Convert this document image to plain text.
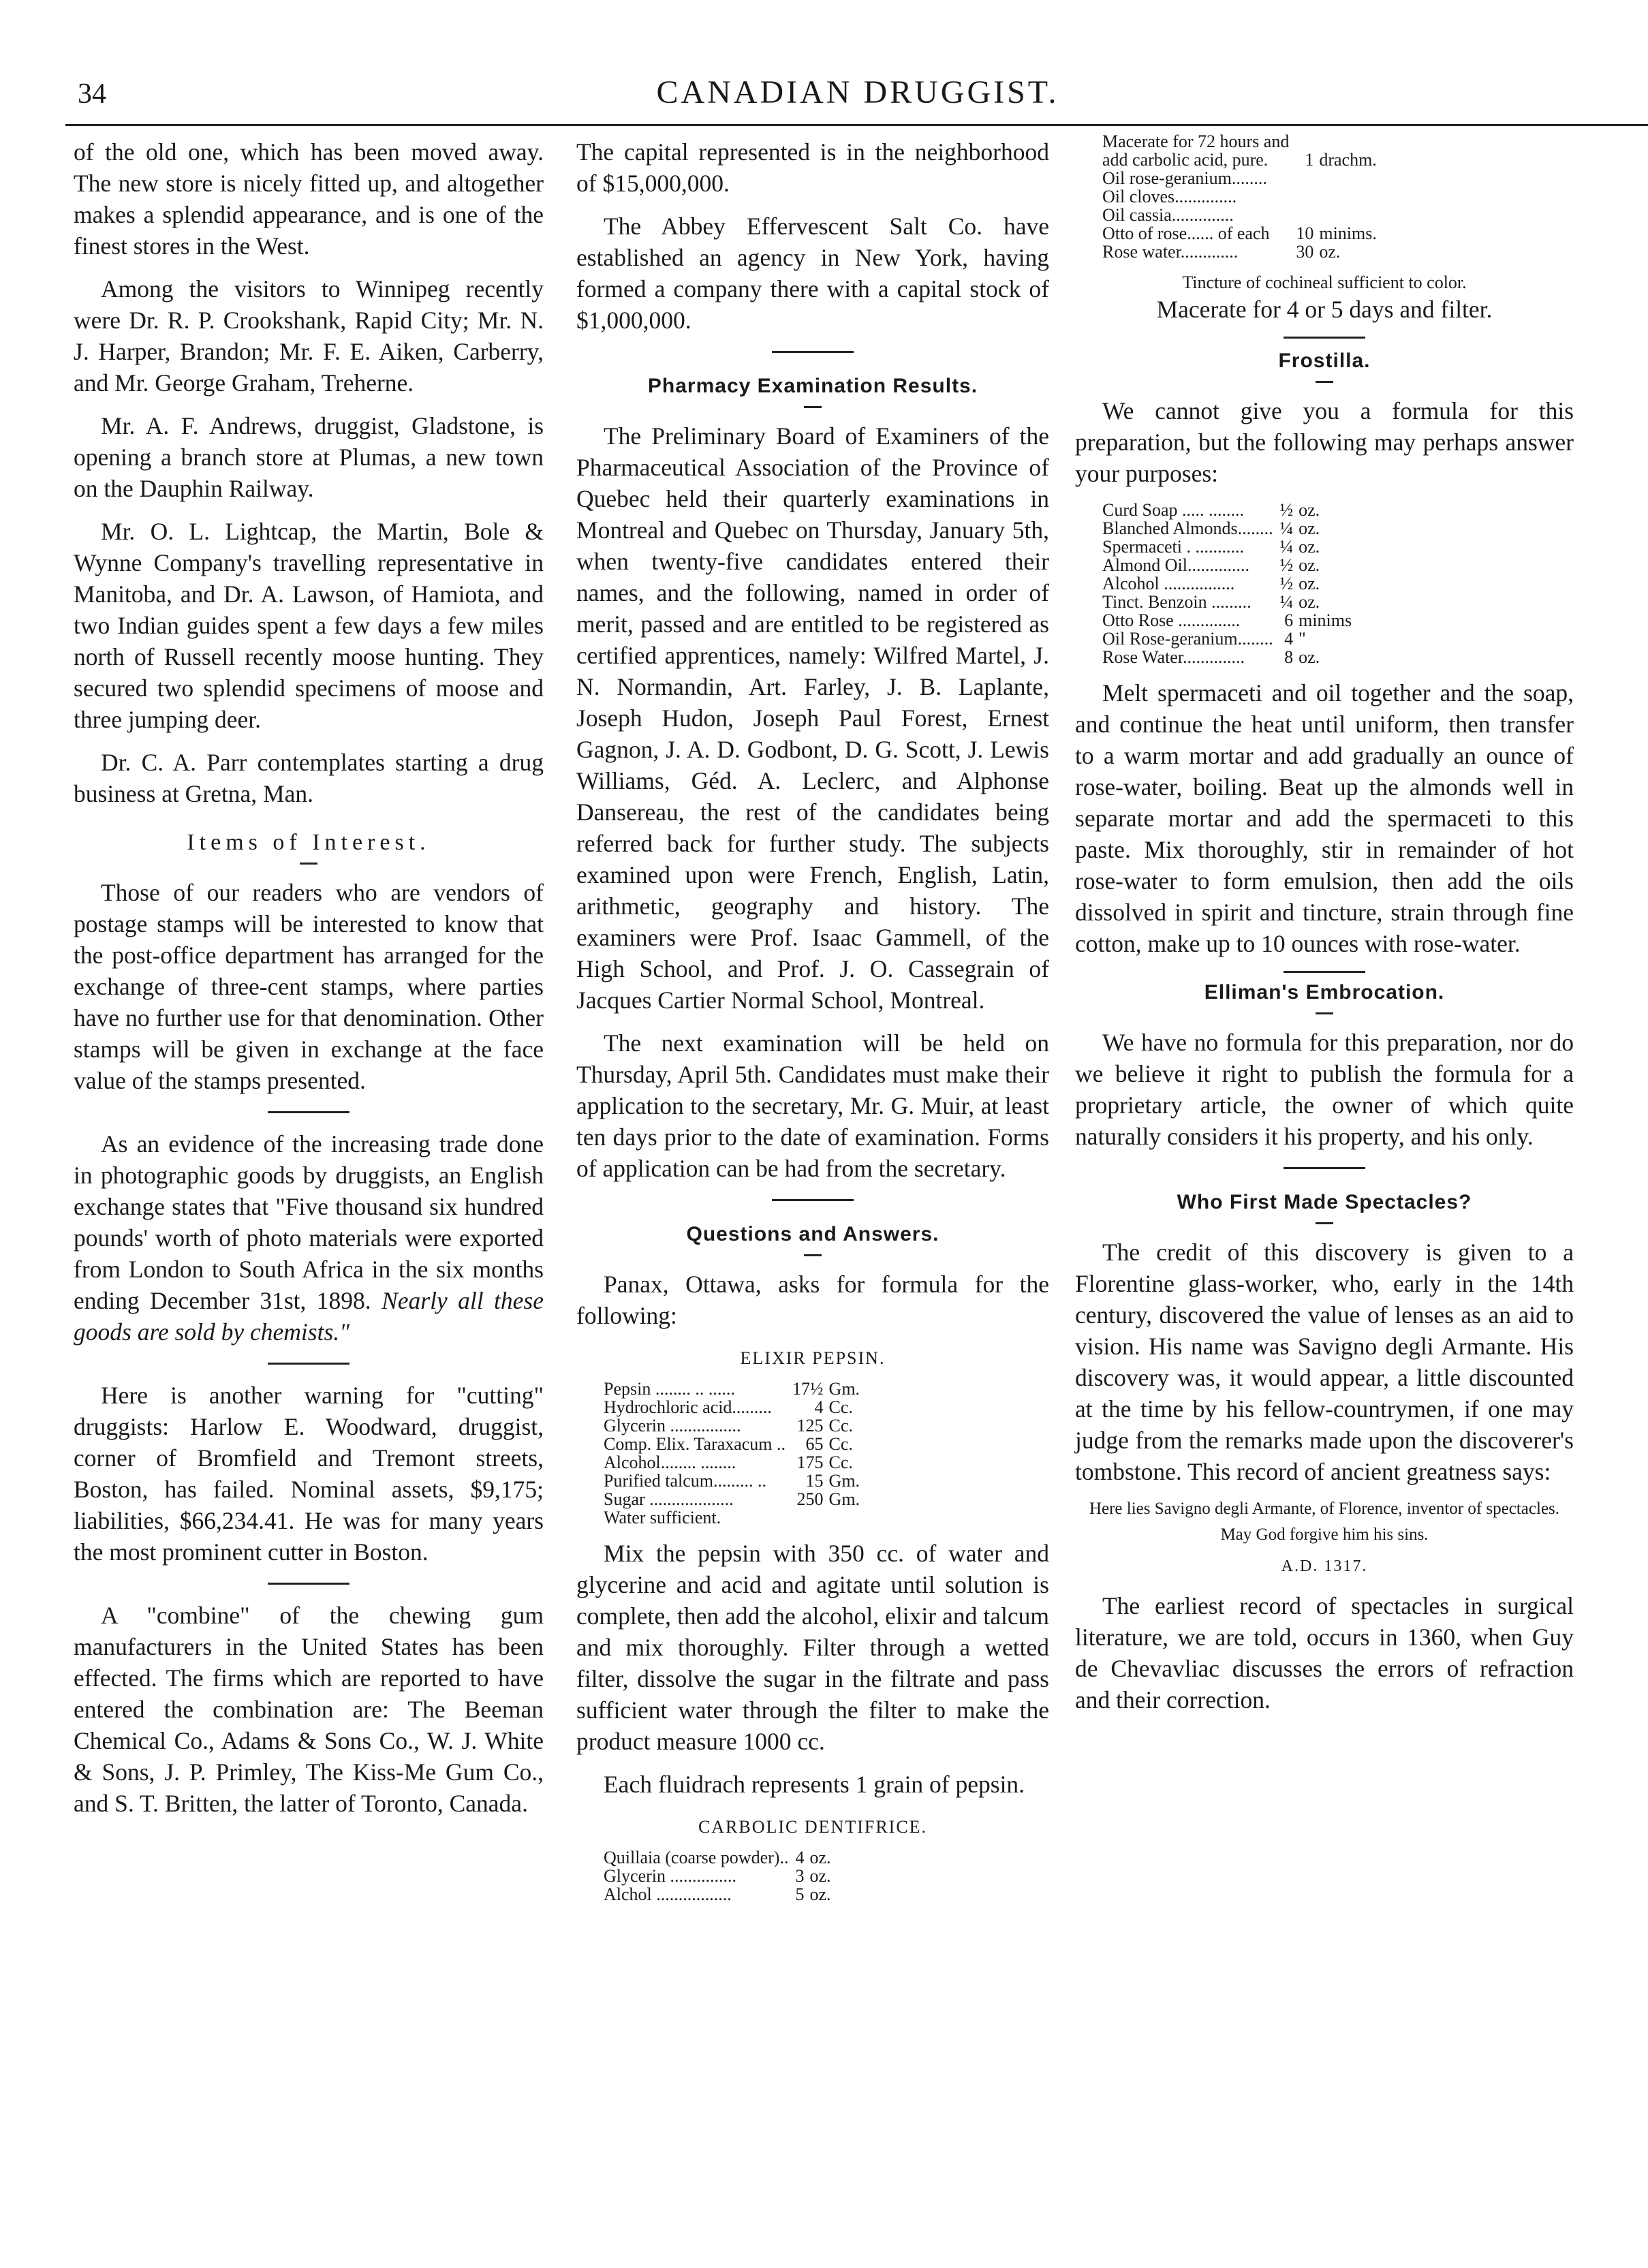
34	CANADIAN DRUGGIST.

of the old one, which has been moved away. The new store is nicely fitted up, and altogether makes a splendid appearance, and is one of the finest stores in the West.

Among the visitors to Winnipeg recently were Dr. R. P. Crookshank, Rapid City; Mr. N. J. Harper, Brandon; Mr. F. E. Aiken, Carberry, and Mr. George Graham, Treherne.

Mr. A. F. Andrews, druggist, Gladstone, is opening a branch store at Plumas, a new town on the Dauphin Railway.

Mr. O. L. Lightcap, the Martin, Bole & Wynne Company's travelling representative in Manitoba, and Dr. A. Lawson, of Hamiota, and two Indian guides spent a few days a few miles north of Russell recently moose hunting. They secured two splendid specimens of moose and three jumping deer.

Dr. C. A. Parr contemplates starting a drug business at Gretna, Man.

Items of Interest.

Those of our readers who are vendors of postage stamps will be interested to know that the post-office department has arranged for the exchange of three-cent stamps, where parties have no further use for that denomination. Other stamps will be given in exchange at the face value of the stamps presented.

As an evidence of the increasing trade done in photographic goods by druggists, an English exchange states that "Five thousand six hundred pounds' worth of photo materials were exported from London to South Africa in the six months ending December 31st, 1898. Nearly all these goods are sold by chemists."

Here is another warning for "cutting" druggists: Harlow E. Woodward, druggist, corner of Bromfield and Tremont streets, Boston, has failed. Nominal assets, $9,175; liabilities, $66,234.41. He was for many years the most prominent cutter in Boston.

A "combine" of the chewing gum manufacturers in the United States has been effected. The firms which are reported to have entered the combination are: The Beeman Chemical Co., Adams & Sons Co., W. J. White & Sons, J. P. Primley, The Kiss-Me Gum Co., and S. T. Britten, the latter of Toronto, Canada.

The capital represented is in the neighborhood of $15,000,000.

The Abbey Effervescent Salt Co. have established an agency in New York, having formed a company there with a capital stock of $1,000,000.

Pharmacy Examination Results.

The Preliminary Board of Examiners of the Pharmaceutical Association of the Province of Quebec held their quarterly examinations in Montreal and Quebec on Thursday, January 5th, when twenty-five candidates entered their names, and the following, named in order of merit, passed and are entitled to be registered as certified apprentices, namely: Wilfred Martel, J. N. Normandin, Art. Farley, J. B. Laplante, Joseph Hudon, Joseph Paul Forest, Ernest Gagnon, J. A. D. Godbont, D. G. Scott, J. Lewis Williams, Géd. A. Leclerc, and Alphonse Dansereau, the rest of the candidates being referred back for further study. The subjects examined upon were French, English, Latin, arithmetic, geography and history. The examiners were Prof. Isaac Gammell, of the High School, and Prof. J. O. Cassegrain of Jacques Cartier Normal School, Montreal.

The next examination will be held on Thursday, April 5th. Candidates must make their application to the secretary, Mr. G. Muir, at least ten days prior to the date of examination. Forms of application can be had from the secretary.

Questions and Answers.

Panax, Ottawa, asks for formula for the following:

ELIXIR PEPSIN.
Pepsin ........ .. ......	17½	Gm.
Hydrochloric acid.........	4	Cc.
Glycerin ................	125	Cc.
Comp. Elix. Taraxacum ..	65	Cc.
Alcohol........ ........	175	Cc.
Purified talcum......... ..	15	Gm.
Sugar ...................	250	Gm.
Water sufficient.		

Mix the pepsin with 350 cc. of water and glycerine and acid and agitate until solution is complete, then add the alcohol, elixir and talcum and mix thoroughly. Filter through a wetted filter, dissolve the sugar in the filtrate and pass sufficient water through the filter to make the product measure 1000 cc.

Each fluidrach represents 1 grain of pepsin.

CARBOLIC DENTIFRICE.
Quillaia (coarse powder)..	4	oz.
Glycerin ...............	3	oz.
Alchol .................	5	oz.
Macerate for 72 hours and		
add carbolic acid, pure.	1	drachm.
Oil rose-geranium........		
Oil cloves..............		
Oil cassia..............		
Otto of rose...... of each	10	minims.
Rose water.............	30	oz.
Tincture of cochineal sufficient to color.

Macerate for 4 or 5 days and filter.

Frostilla.

We cannot give you a formula for this preparation, but the following may perhaps answer your purposes:

Curd Soap ..... ........	½	oz.
Blanched Almonds........	¼	oz.
Spermaceti . ...........	¼	oz.
Almond Oil..............	½	oz.
Alcohol ................	½	oz.
Tinct. Benzoin .........	¼	oz.
Otto Rose ..............	6	minims
Oil Rose-geranium........	4	"
Rose Water..............	8	oz.

Melt spermaceti and oil together and the soap, and continue the heat until uniform, then transfer to a warm mortar and add gradually an ounce of rose-water, boiling. Beat up the almonds well in separate mortar and add the spermaceti to this paste. Mix thoroughly, stir in remainder of hot rose-water to form emulsion, then add the oils dissolved in spirit and tincture, strain through fine cotton, make up to 10 ounces with rose-water.

Elliman's Embrocation.

We have no formula for this preparation, nor do we believe it right to publish the formula for a proprietary article, the owner of which quite naturally considers it his property, and his only.

Who First Made Spectacles?

The credit of this discovery is given to a Florentine glass-worker, who, early in the 14th century, discovered the value of lenses as an aid to vision. His name was Savigno degli Armante. His discovery was, it would appear, a little discounted at the time by his fellow-countrymen, if one may judge from the remarks made upon the discoverer's tombstone. This record of ancient greatness says:

Here lies Savigno degli Armante, of Florence, inventor of spectacles.
May God forgive him his sins.
A.D. 1317.

The earliest record of spectacles in surgical literature, we are told, occurs in 1360, when Guy de Chevavliac discusses the errors of refraction and their correction.
